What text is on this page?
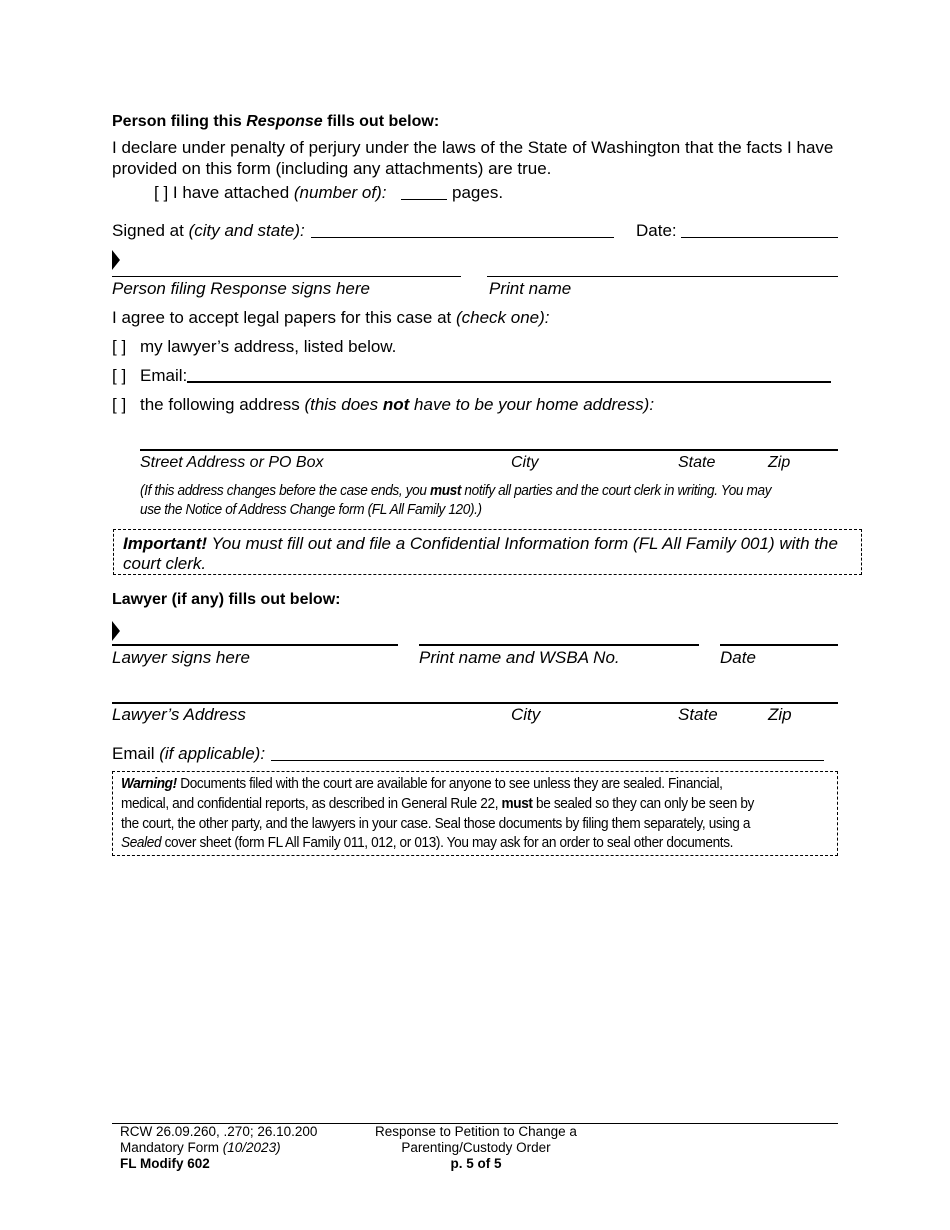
Person filing this Response fills out below:
I declare under penalty of perjury under the laws of the State of Washington that the facts I have
provided on this form (including any attachments) are true.
[ ] I have attached (number of):	pages.
Signed at (city and state):	Date:
Person filing Response signs here	Print name
I agree to accept legal papers for this case at (check one):
[ ] my lawyer’s address, listed below.
[ ] Email:
[ ] the following address (this does not have to be your home address):
Street Address or PO Box	City	State	Zip
(If this address changes before the case ends, you must notify all parties and the court clerk in writing. You may
use the Notice of Address Change form (FL All Family 120).)
Important! You must fill out and file a Confidential Information form (FL All Family 001) with the
court clerk.
Lawyer (if any) fills out below:
Lawyer signs here	Print name and WSBA No.	Date
Lawyer’s Address	City	State	Zip
Email (if applicable):
Warning! Documents filed with the court are available for anyone to see unless they are sealed. Financial,
medical, and confidential reports, as described in General Rule 22, must be sealed so they can only be seen by
the court, the other party, and the lawyers in your case. Seal those documents by filing them separately, using a
Sealed cover sheet (form FL All Family 011, 012, or 013). You may ask for an order to seal other documents.
RCW 26.09.260, .270; 26.10.200
Mandatory Form (10/2023)
FL Modify 602
Response to Petition to Change a
Parenting/Custody Order
p. 5 of 5
